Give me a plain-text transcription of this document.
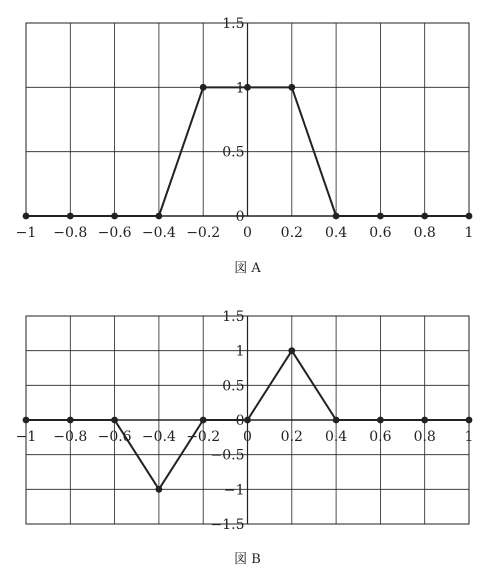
0
0.5
1
1.5
−1 −0.8 −0.6 −0.4 −0.2 0 0.2 0.4 0.6 0.8 1
図 A
−1.5
−1
−0.5
0
0.5
1
1.5
−1 −0.8 −0.6 −0.4 −0.2 0 0.2 0.4 0.6 0.8 1
図 B
